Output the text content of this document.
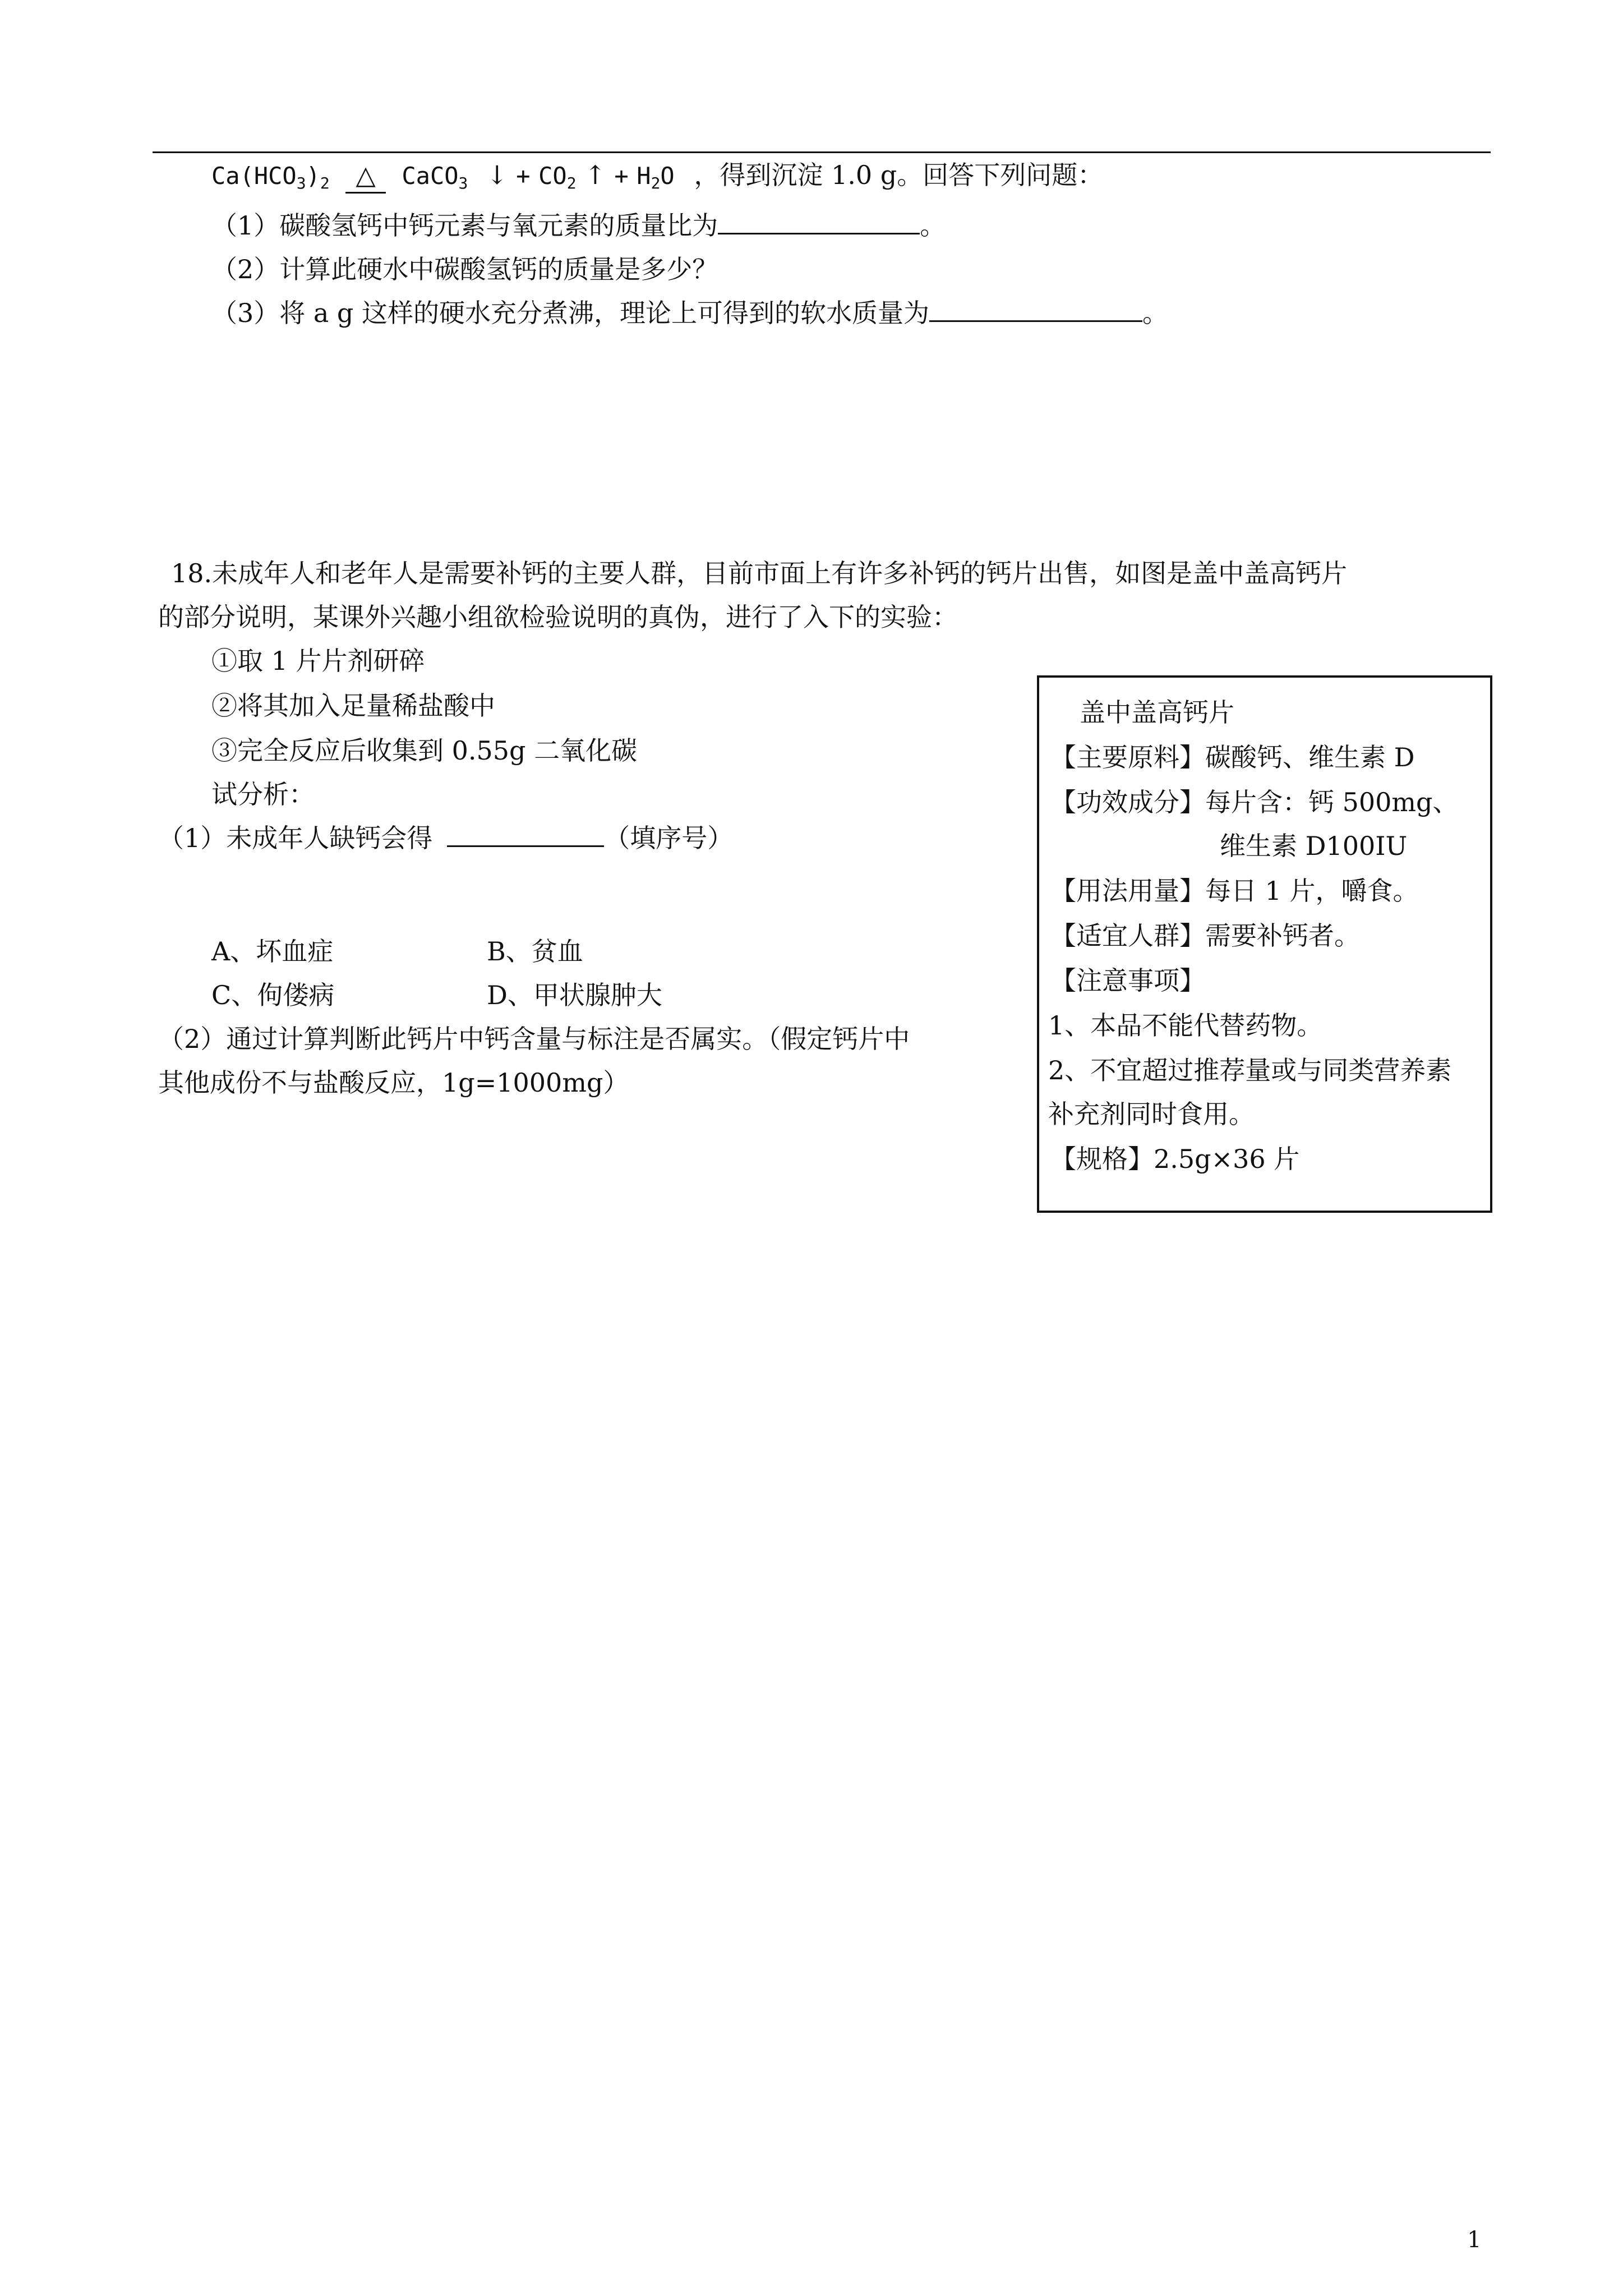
$Ca(HCO_3)_2$ △ CaCO$_3$ ↓ + $CO_2$ ↑ + $H_2O$ ，得到沉淀 1.0 g。回答下列问题：
（1）碳酸氢钙中钙元素与氧元素的质量比为	。
（2）计算此硬水中碳酸氢钙的质量是多少？
（3）将 a g 这样的硬水充分煮沸，理论上可得到的软水质量为	。
18.未成年人和老年人是需要补钙的主要人群，目前市面上有许多补钙的钙片出售，如图是盖中盖高钙片
的部分说明，某课外兴趣小组欲检验说明的真伪，进行了入下的实验：
①取 1 片片剂研碎
②将其加入足量稀盐酸中
③完全反应后收集到 0.55g 二氧化碳
试分析：
（1）未成年人缺钙会得	（填序号）
A、坏血症	B、贫血
C、佝偻病	D、甲状腺肿大
（2）通过计算判断此钙片中钙含量与标注是否属实。（假定钙片中
其他成份不与盐酸反应，1g=1000mg）
盖中盖高钙片
【主要原料】碳酸钙、维生素 D
【功效成分】每片含：钙 500mg、
维生素 D100IU
【用法用量】每日 1 片，嚼食。
【适宜人群】需要补钙者。
【注意事项】
1、本品不能代替药物。
2、不宜超过推荐量或与同类营养素
补充剂同时食用。
【规格】2.5g×36 片
1
